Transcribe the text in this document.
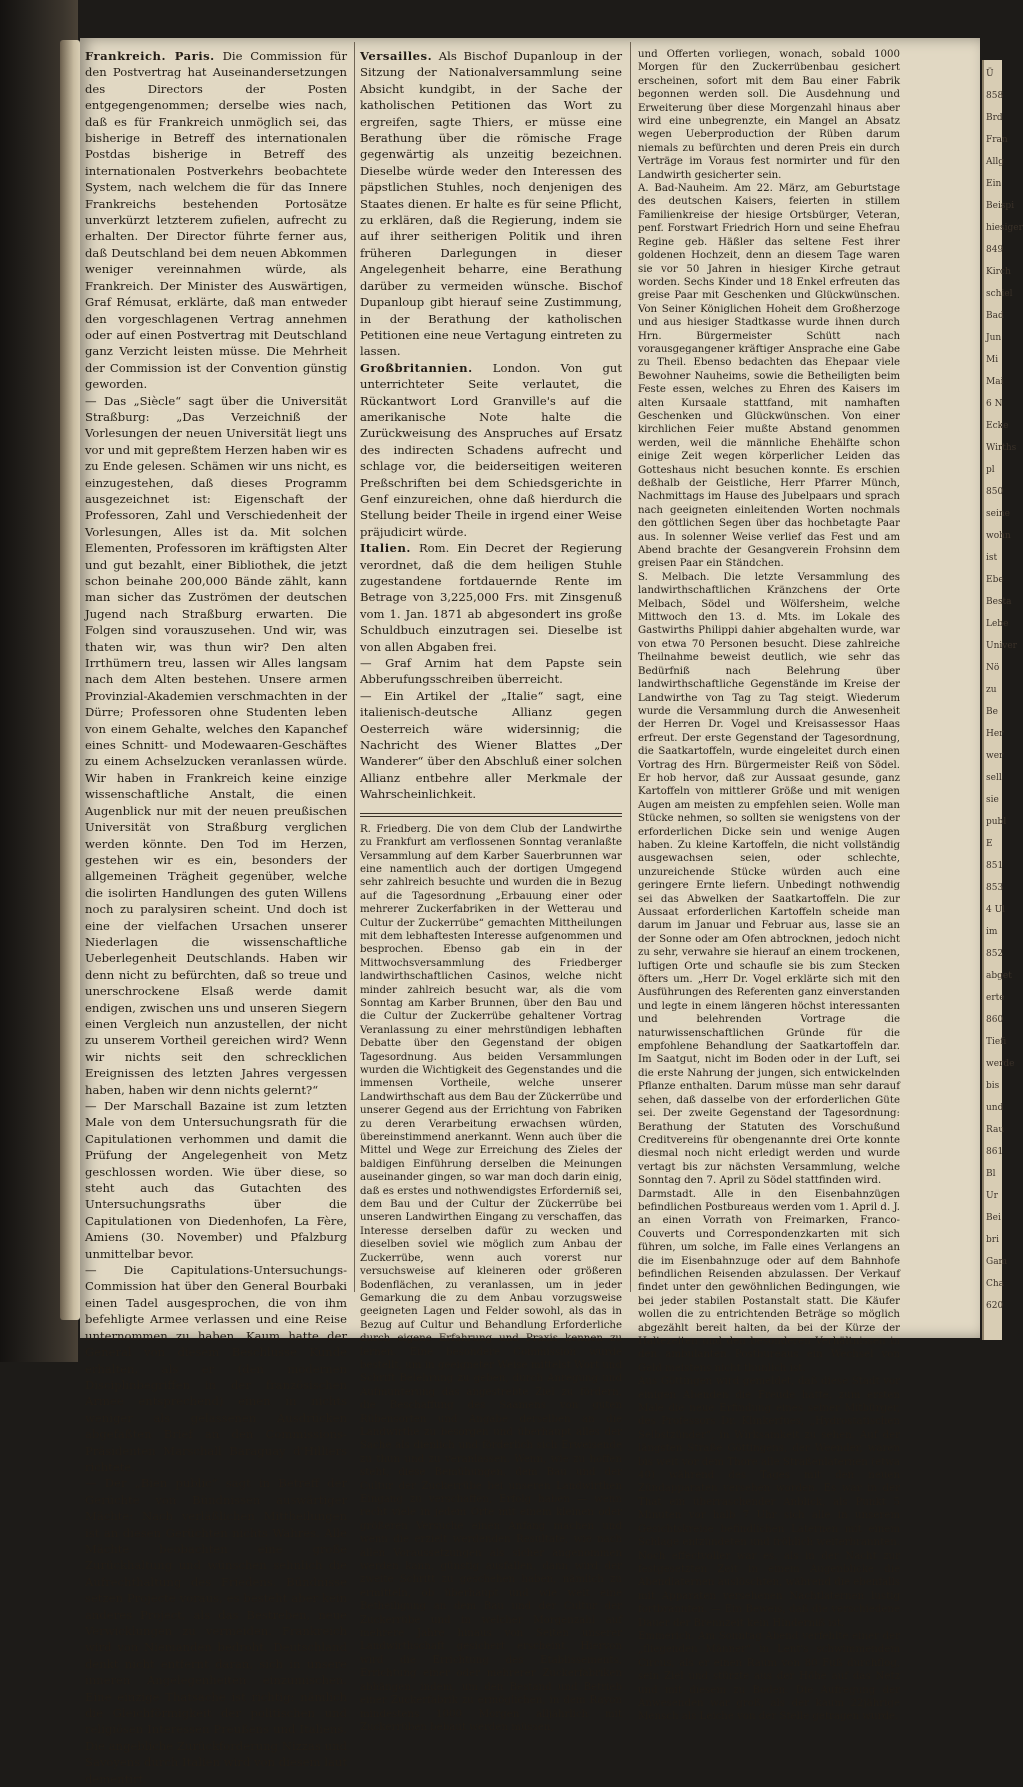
Ü
858
Brd
Fran
Allg
Ein
Beispi
hiesiger
849
Kirch
schiel
Bad
Jun
Mi
Mai
6 N
Ecke
Wirths
pl
850
seine
wohn
ist
Ebe
Besta
Lebe
Univer
Nö
zu
Be
Her
wer
sell
sie
publ
E
851
853
4 Ul
im
852
abget
erte
860
Tiefi
werde
bis
und
Rau
861
Bl
Ur
Bei
bri
Gam
Cha
620

Frankreich. Paris. Die Commission für den Postvertrag hat Auseinandersetzungen des Directors der Posten entgegengenommen; derselbe wies nach, daß es für Frankreich unmöglich sei, das bisherige in Betreff des internationalen Postdas bisherige in Betreff des internationalen Postverkehrs beobachtete System, nach welchem die für das Innere Frankreichs bestehenden Portosätze unverkürzt letzterem zufielen, aufrecht zu erhalten. Der Director führte ferner aus, daß Deutschland bei dem neuen Abkommen weniger vereinnahmen würde, als Frankreich. Der Minister des Auswärtigen, Graf Rémusat, erklärte, daß man entweder den vorgeschlagenen Vertrag annehmen oder auf einen Postvertrag mit Deutschland ganz Verzicht leisten müsse. Die Mehrheit der Commission ist der Convention günstig geworden.

— Das „Siècle“ sagt über die Universität Straßburg: „Das Verzeichniß der Vorlesungen der neuen Universität liegt uns vor und mit gepreßtem Herzen haben wir es zu Ende gelesen. Schämen wir uns nicht, es einzugestehen, daß dieses Programm ausgezeichnet ist: Eigenschaft der Professoren, Zahl und Verschiedenheit der Vorlesungen, Alles ist da. Mit solchen Elementen, Professoren im kräftigsten Alter und gut bezahlt, einer Bibliothek, die jetzt schon beinahe 200,000 Bände zählt, kann man sicher das Zuströmen der deutschen Jugend nach Straßburg erwarten. Die Folgen sind vorauszusehen. Und wir, was thaten wir, was thun wir? Den alten Irrthümern treu, lassen wir Alles langsam nach dem Alten bestehen. Unsere armen Provinzial-Akademien verschmachten in der Dürre; Professoren ohne Studenten leben von einem Gehalte, welches den Kapanchef eines Schnitt- und Modewaaren-Geschäftes zu einem Achselzucken veranlassen würde. Wir haben in Frankreich keine einzige wissenschaftliche Anstalt, die einen Augenblick nur mit der neuen preußischen Universität von Straßburg verglichen werden könnte. Den Tod im Herzen, gestehen wir es ein, besonders der allgemeinen Trägheit gegenüber, welche die isolirten Handlungen des guten Willens noch zu paralysiren scheint. Und doch ist eine der vielfachen Ursachen unserer Niederlagen die wissenschaftliche Ueberlegenheit Deutschlands. Haben wir denn nicht zu befürchten, daß so treue und unerschrockene Elsaß werde damit endigen, zwischen uns und unseren Siegern einen Vergleich nun anzustellen, der nicht zu unserem Vortheil gereichen wird? Wenn wir nichts seit den schrecklichen Ereignissen des letzten Jahres vergessen haben, haben wir denn nichts gelernt?“

— Der Marschall Bazaine ist zum letzten Male von dem Untersuchungsrath für die Capitulationen verhommen und damit die Prüfung der Angelegenheit von Metz geschlossen worden. Wie über diese, so steht auch das Gutachten des Untersuchungsraths über die Capitulationen von Diedenhofen, La Fère, Amiens (30. November) und Pfalzburg unmittelbar bevor.

— Die Capitulations-Untersuchungs-Commission hat über den General Bourbaki einen Tadel ausgesprochen, die von ihm befehligte Armee verlassen und eine Reise unternommen zu haben. Kaum hatte der General von diesem Beschlusse Kunde erhalten, als er (den modernen Disciplinbegriffen in der französischen Armee entsprechend) einen in nichts weniger als gelassenen Ausdrücken abgefaßten Brief an den Commissions-Präsidenten Marschall Baraguay d'Hilliers richtete.

— Der „Bien public“ sagt in Betreff der Gerüchte von Bündnissen auswärtiger Mächte: Nach verläßlichen Mittheilungen ist an diesen Gerüchten nichts Wahres. Alle Mächte beobachten eine große Zurückhaltung und wünschen sehnlich die Aufrechthaltung des Friedens. Bündnisse setzen Projecte voraus, es besteht aber kein anderes Project, als das Bestreben, neue Verwicklungen zu vermeiden. Frankreich wird von Niemanden bedroht. Deutschland denkt nicht entfernt daran, sich in unsere inneren Angelegenheiten einzumischen. Eine einzige Thatsache ist richtig: nämlich die Gleichförmigkeit der politischen und religiösen Interessen Preußens und Italiens. Die angebliche Zurückforderung Nizzas und Savoyens durch Italien wird von diesem laut dementirt.

Versailles. Als Bischof Dupanloup in der Sitzung der Nationalversammlung seine Absicht kundgibt, in der Sache der katholischen Petitionen das Wort zu ergreifen, sagte Thiers, er müsse eine Berathung über die römische Frage gegenwärtig als unzeitig bezeichnen. Dieselbe würde weder den Interessen des päpstlichen Stuhles, noch denjenigen des Staates dienen. Er halte es für seine Pflicht, zu erklären, daß die Regierung, indem sie auf ihrer seitherigen Politik und ihren früheren Darlegungen in dieser Angelegenheit beharre, eine Berathung darüber zu vermeiden wünsche. Bischof Dupanloup gibt hierauf seine Zustimmung, in der Berathung der katholischen Petitionen eine neue Vertagung eintreten zu lassen.

Großbritannien. London. Von gut unterrichteter Seite verlautet, die Rückantwort Lord Granville's auf die amerikanische Note halte die Zurückweisung des Anspruches auf Ersatz des indirecten Schadens aufrecht und schlage vor, die beiderseitigen weiteren Preßschriften bei dem Schiedsgerichte in Genf einzureichen, ohne daß hierdurch die Stellung beider Theile in irgend einer Weise präjudicirt würde.

Italien. Rom. Ein Decret der Regierung verordnet, daß die dem heiligen Stuhle zugestandene fortdauernde Rente im Betrage von 3,225,000 Frs. mit Zinsgenuß vom 1. Jan. 1871 ab abgesondert ins große Schuldbuch einzutragen sei. Dieselbe ist von allen Abgaben frei.

— Graf Arnim hat dem Papste sein Abberufungsschreiben überreicht.

— Ein Artikel der „Italie“ sagt, eine italienisch-deutsche Allianz gegen Oesterreich wäre widersinnig; die Nachricht des Wiener Blattes „Der Wanderer“ über den Abschluß einer solchen Allianz entbehre aller Merkmale der Wahrscheinlichkeit.

R. Friedberg. Die von dem Club der Landwirthe zu Frankfurt am verflossenen Sonntag veranlaßte Versammlung auf dem Karber Sauerbrunnen war eine namentlich auch der dortigen Umgegend sehr zahlreich besuchte und wurden die in Bezug auf die Tagesordnung „Erbauung einer oder mehrerer Zuckerfabriken in der Wetterau und Cultur der Zuckerrübe“ gemachten Mittheilungen mit dem lebhaftesten Interesse aufgenommen und besprochen. Ebenso gab ein in der Mittwochsversammlung des Friedberger landwirthschaftlichen Casinos, welche nicht minder zahlreich besucht war, als die vom Sonntag am Karber Brunnen, über den Bau und die Cultur der Zuckerrübe gehaltener Vortrag Veranlassung zu einer mehrstündigen lebhaften Debatte über den Gegenstand der obigen Tagesordnung. Aus beiden Versammlungen wurden die Wichtigkeit des Gegenstandes und die immensen Vortheile, welche unserer Landwirthschaft aus dem Bau der Zückerrübe und unserer Gegend aus der Errichtung von Fabriken zu deren Verarbeitung erwachsen würden, übereinstimmend anerkannt. Wenn auch über die Mittel und Wege zur Erreichung des Zieles der baldigen Einführung derselben die Meinungen auseinander gingen, so war man doch darin einig, daß es erstes und nothwendigstes Erforderniß sei, dem Bau und der Cultur der Zückerrübe bei unseren Landwirthen Eingang zu verschaffen, das Interesse derselben dafür zu wecken und dieselben soviel wie möglich zum Anbau der Zuckerrübe, wenn auch vorerst nur versuchsweise auf kleineren oder größeren Bodenflächen, zu veranlassen, um in jeder Gemarkung die zu dem Anbau vorzugsweise geeigneten Lagen und Felder sowohl, als das in Bezug auf Cultur und Behandlung Erforderliche durch eigene Erfahrung und Praxis kennen zu lernen. Eine besondere Commission wurde bestellt, um in geeigneter Weise mittelst Wort und Schrift Belehrung zu geben, durch Anregung und Aufmunterung das angestrebte Ziel zu fördern, die Beschaffung des Saamens von guten Rübensorten und Angabe derselben an die Landwirthe zu besorgen und überhaupt alles der Sache als dienlich und förderlich sich Erweisende zu thun und zu veranlassen. Wenn, wie zu hoffen steht, diese Bemühungen, dem Bau und der Cultur der Zuckerrübe bei unseren Landwirthen Eingang zu verschaffen, Erfolg haben — wenn recht viele in jedem Orte mit einem kleinen oder größeren Versuche einen Anfang machen und wenn die erzielt werdenden Resultate, wie nach allen Voraussetzungen als sicher angenommen werden kann, günstig ausfallen, dann wird der zweite Schritt zu geschehen haben, nämlich zu ermitteln, ob überhaupt und wie weit eine Betheiligung an dem Bau und der Cultur der Zuckerrübe und in welcher Morgenzahl auf mehrere Jahre hinaus von Seiten unserer Landwirthschaft gesichert erscheint. Hiervon wird die Errichtung des Etablissements, Errichtung einer oder mehrerer Zuckerfabriken abhängen, indem, um den Bestand und Betrieb einer Zuckerfabrik zu ermöglichen, in dem Rayon mindestens 1000 Morgen alljährlich mit Zuckerrüben bebaut werden müssen,

und Offerten vorliegen, wonach, sobald 1000 Morgen für den Zuckerrübenbau gesichert erscheinen, sofort mit dem Bau einer Fabrik begonnen werden soll. Die Ausdehnung und Erweiterung über diese Morgenzahl hinaus aber wird eine unbegrenzte, ein Mangel an Absatz wegen Ueberproduction der Rüben darum niemals zu befürchten und deren Preis ein durch Verträge im Voraus fest normirter und für den Landwirth gesicherter sein.

A. Bad-Nauheim. Am 22. März, am Geburtstage des deutschen Kaisers, feierten in stillem Familienkreise der hiesige Ortsbürger, Veteran, penf. Forstwart Friedrich Horn und seine Ehefrau Regine geb. Häßler das seltene Fest ihrer goldenen Hochzeit, denn an diesem Tage waren sie vor 50 Jahren in hiesiger Kirche getraut worden. Sechs Kinder und 18 Enkel erfreuten das greise Paar mit Geschenken und Glückwünschen. Von Seiner Königlichen Hoheit dem Großherzoge und aus hiesiger Stadtkasse wurde ihnen durch Hrn. Bürgermeister Schütt nach vorausgegangener kräftiger Ansprache eine Gabe zu Theil. Ebenso bedachten das Ehepaar viele Bewohner Nauheims, sowie die Betheiligten beim Feste essen, welches zu Ehren des Kaisers im alten Kursaale stattfand, mit namhaften Geschenken und Glückwünschen. Von einer kirchlichen Feier mußte Abstand genommen werden, weil die männliche Ehehälfte schon einige Zeit wegen körperlicher Leiden das Gotteshaus nicht besuchen konnte. Es erschien deßhalb der Geistliche, Herr Pfarrer Münch, Nachmittags im Hause des Jubelpaars und sprach nach geeigneten einleitenden Worten nochmals den göttlichen Segen über das hochbetagte Paar aus. In solenner Weise verlief das Fest und am Abend brachte der Gesangverein Frohsinn dem greisen Paar ein Ständchen.

S. Melbach. Die letzte Versammlung des landwirthschaftlichen Kränzchens der Orte Melbach, Södel und Wölfersheim, welche Mittwoch den 13. d. Mts. im Lokale des Gastwirths Philippi dahier abgehalten wurde, war von etwa 70 Personen besucht. Diese zahlreiche Theilnahme beweist deutlich, wie sehr das Bedürfniß nach Belehrung über landwirthschaftliche Gegenstände im Kreise der Landwirthe von Tag zu Tag steigt. Wiederum wurde die Versammlung durch die Anwesenheit der Herren Dr. Vogel und Kreisassessor Haas erfreut. Der erste Gegenstand der Tagesordnung, die Saatkartoffeln, wurde eingeleitet durch einen Vortrag des Hrn. Bürgermeister Reiß von Södel. Er hob hervor, daß zur Aussaat gesunde, ganz Kartoffeln von mittlerer Größe und mit wenigen Augen am meisten zu empfehlen seien. Wolle man Stücke nehmen, so sollten sie wenigstens von der erforderlichen Dicke sein und wenige Augen haben. Zu kleine Kartoffeln, die nicht vollständig ausgewachsen seien, oder schlechte, unzureichende Stücke würden auch eine geringere Ernte liefern. Unbedingt nothwendig sei das Abwelken der Saatkartoffeln. Die zur Aussaat erforderlichen Kartoffeln scheide man darum im Januar und Februar aus, lasse sie an der Sonne oder am Ofen abtrocknen, jedoch nicht zu sehr, verwahre sie hierauf an einem trockenen, luftigen Orte und schaufle sie bis zum Stecken öfters um. „Herr Dr. Vogel erklärte sich mit den Ausführungen des Referenten ganz einverstanden und legte in einem längeren höchst interessanten und belehrenden Vortrage die naturwissenschaftlichen Gründe für die empfohlene Behandlung der Saatkartoffeln dar. Im Saatgut, nicht im Boden oder in der Luft, sei die erste Nahrung der jungen, sich entwickelnden Pflanze enthalten. Darum müsse man sehr darauf sehen, daß dasselbe von der erforderlichen Güte sei. Der zweite Gegenstand der Tagesordnung: Berathung der Statuten des Vorschußund Creditvereins für obengenannte drei Orte konnte diesmal noch nicht erledigt werden und wurde vertagt bis zur nächsten Versammlung, welche Sonntag den 7. April zu Södel stattfinden wird.

Darmstadt. Alle in den Eisenbahnzügen befindlichen Postbureaus werden vom 1. April d. J. an einen Vorrath von Freimarken, Franco-Couverts und Correspondenzkarten mit sich führen, um solche, im Falle eines Verlangens an die im Eisenbahnzuge oder auf dem Bahnhofe befindlichen Reisenden abzulassen. Der Verkauf findet unter den gewöhnlichen Bedingungen, wie bei jeder stabilen Postanstalt statt. Die Käufer wollen die zu entrichtenden Beträge so möglich abgezählt bereit halten, da bei der Kürze der Haltezeiten und den besonderen Verhältnissen in den ambulanten Postbureaus ein Wechsel von Geld meistens nicht thunlich ist.

Aus Göttingen wird gemeldet, daß diese Stadt vor einigen Abenden die Freude hatte, zum ersten Male die neue Erfindung eines seiner Mitbürger, des Professors Dr. Klinkerfues, „Hydrostatischen Selbstzünder“, in Wirksamkeit zu sehen. Auf der längsten Straße Göttingens, der Weender, waren bis weit vor dem Thore alle Straßenlaternen (etwa 40) während des Tages mit den neuen Zündapparaten versehen worden. Es war in der That ein überraschender Anblick, als Punkt 5 Minuten vor halb 7 Uhr sich alle in unserem Gesichtskreise befindlichen Laternen mit einem Schlage entzündeten und fröhlich weiterbrannten. Noch effectvoller war es, als in der Nacht zur festgesetzten Zeit in einem Augenblicke die Abendlaternen auslöschten, während die ebenfalls mit Apparaten versehenen Nachtlaternen lustig fortbrannten. — Ein Beweis, daß die verschiedene Dauer der Brennzeit kein Hinderniß ist.

Emmerich. Am Sonntag Abend verfehlte einer der „fliegenden Männer“ in Lent's schwimmendem Circus, als er einen Raum von 80 Fuß durchflog, sein Ziel und stürzte aus der Höhe auf das Netz und mit diesem zu Boden. Die Aufregung der Anwesenden war groß, als der kaum 22jährige Mensch als Leiche von der Stelle getragen wurde.
